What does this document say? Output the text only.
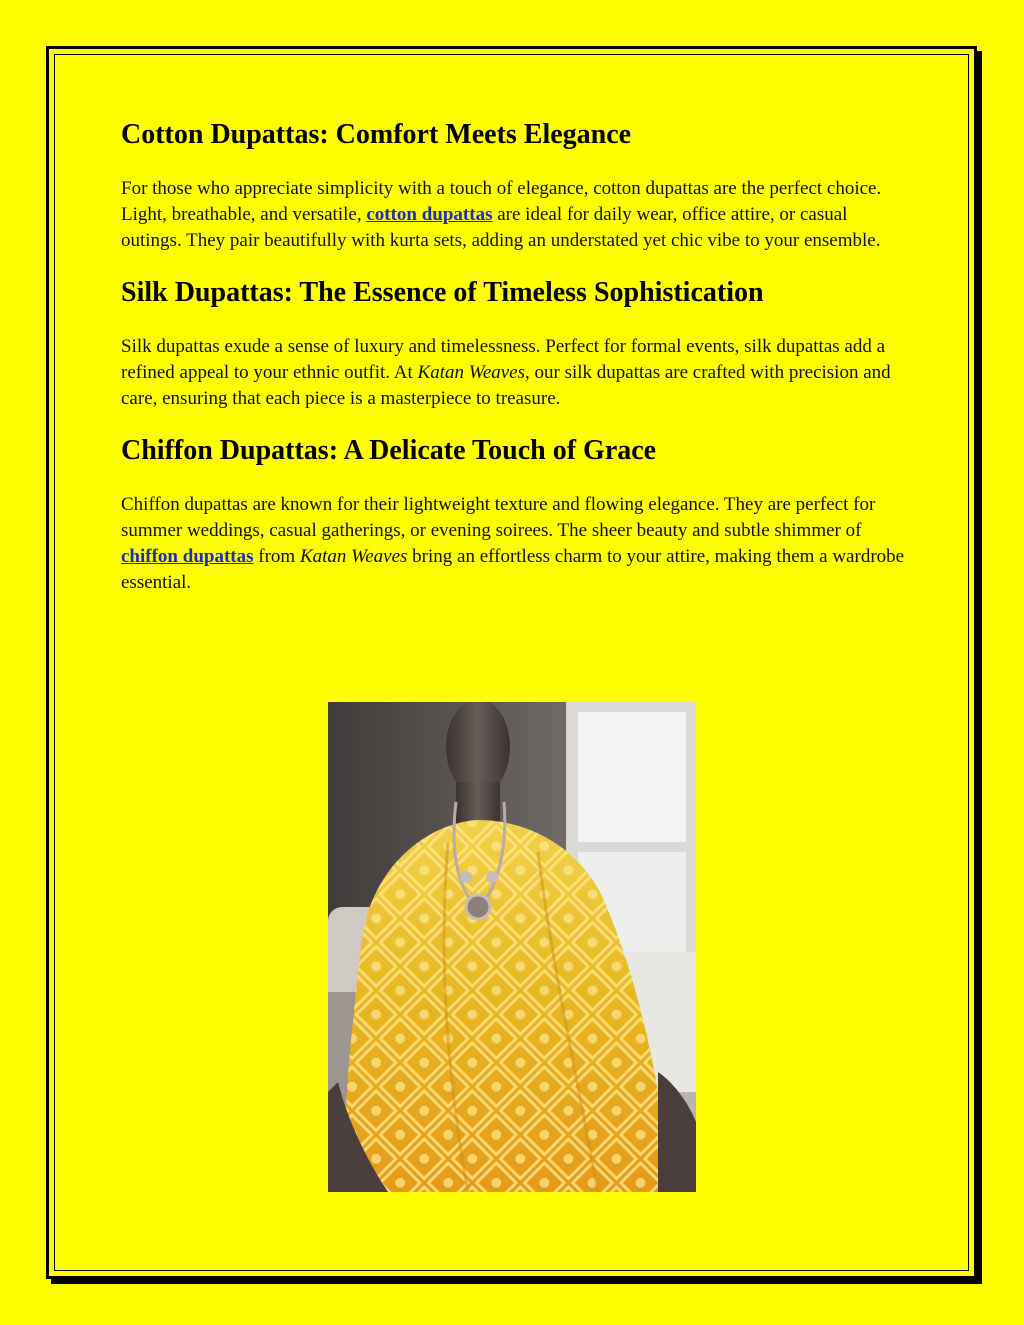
Cotton Dupattas: Comfort Meets Elegance

For those who appreciate simplicity with a touch of elegance, cotton dupattas are the perfect choice. Light, breathable, and versatile, cotton dupattas are ideal for daily wear, office attire, or casual outings. They pair beautifully with kurta sets, adding an understated yet chic vibe to your ensemble.

Silk Dupattas: The Essence of Timeless Sophistication

Silk dupattas exude a sense of luxury and timelessness. Perfect for formal events, silk dupattas add a refined appeal to your ethnic outfit. At Katan Weaves, our silk dupattas are crafted with precision and care, ensuring that each piece is a masterpiece to treasure.

Chiffon Dupattas: A Delicate Touch of Grace

Chiffon dupattas are known for their lightweight texture and flowing elegance. They are perfect for summer weddings, casual gatherings, or evening soirees. The sheer beauty and subtle shimmer of chiffon dupattas from Katan Weaves bring an effortless charm to your attire, making them a wardrobe essential.
